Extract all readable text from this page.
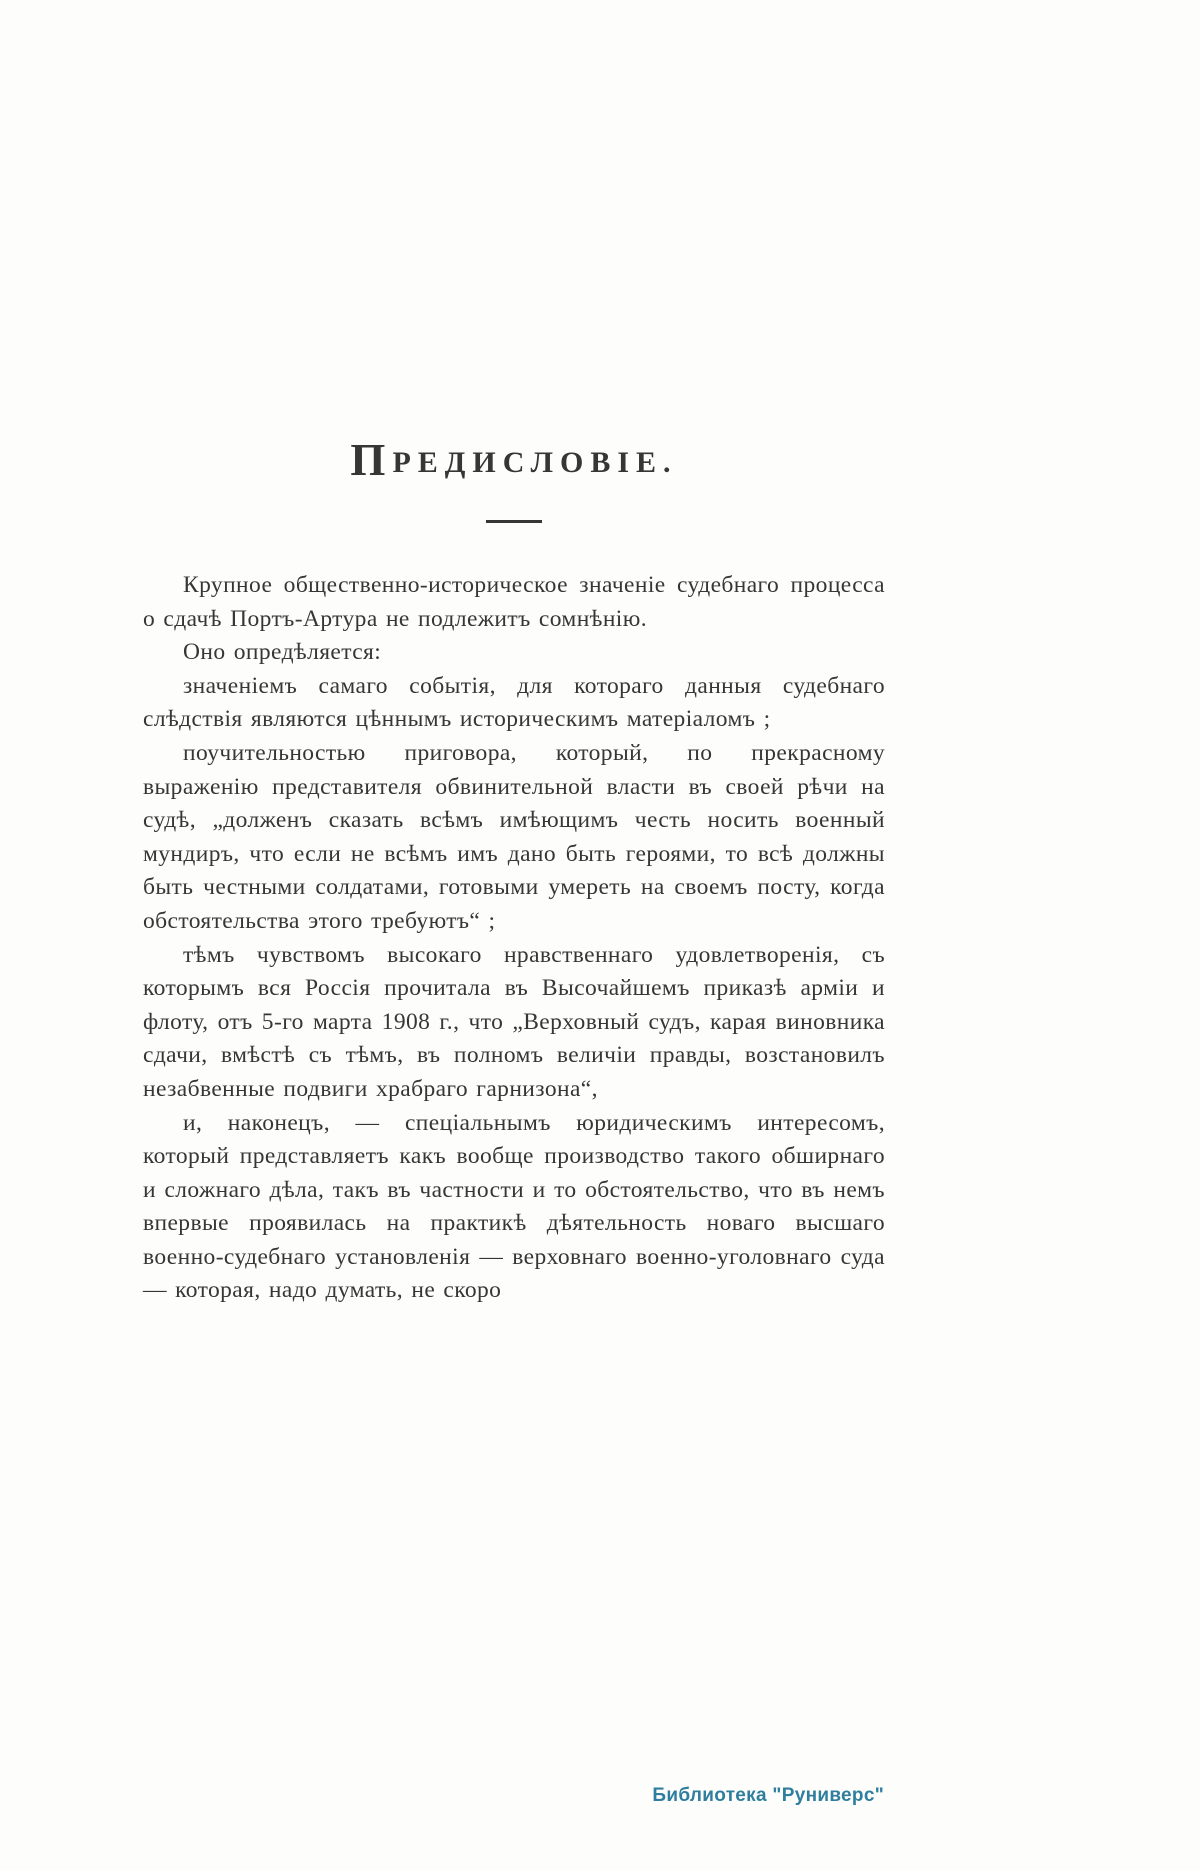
ПРЕДИСЛОВІЕ.

Крупное общественно-историческое значеніе судебнаго процесса о сдачѣ Портъ-Артура не подлежитъ сомнѣнію.

Оно опредѣляется:

значеніемъ самаго событія, для котораго данныя судебнаго слѣдствія являются цѣннымъ историческимъ матеріаломъ ;

поучительностью приговора, который, по прекрасному выраженію представителя обвинительной власти въ своей рѣчи на судѣ, „долженъ сказать всѣмъ имѣющимъ честь носить военный мундиръ, что если не всѣмъ имъ дано быть героями, то всѣ должны быть честными солдатами, готовыми умереть на своемъ посту, когда обстоятельства этого требуютъ“ ;

тѣмъ чувствомъ высокаго нравственнаго удовлетворенія, съ которымъ вся Россія прочитала въ Высочайшемъ приказѣ арміи и флоту, отъ 5-го марта 1908 г., что „Верховный судъ, карая виновника сдачи, вмѣстѣ съ тѣмъ, въ полномъ величіи правды, возстановилъ незабвенные подвиги храбраго гарнизона“,

и, наконецъ, — спеціальнымъ юридическимъ интересомъ, который представляетъ какъ вообще производство такого обширнаго и сложнаго дѣла, такъ въ частности и то обстоятельство, что въ немъ впервые проявилась на практикѣ дѣятельность новаго высшаго военно-судебнаго установленія — верховнаго военно-уголовнаго суда — которая, надо думать, не скоро

Библиотека "Руниверс"
